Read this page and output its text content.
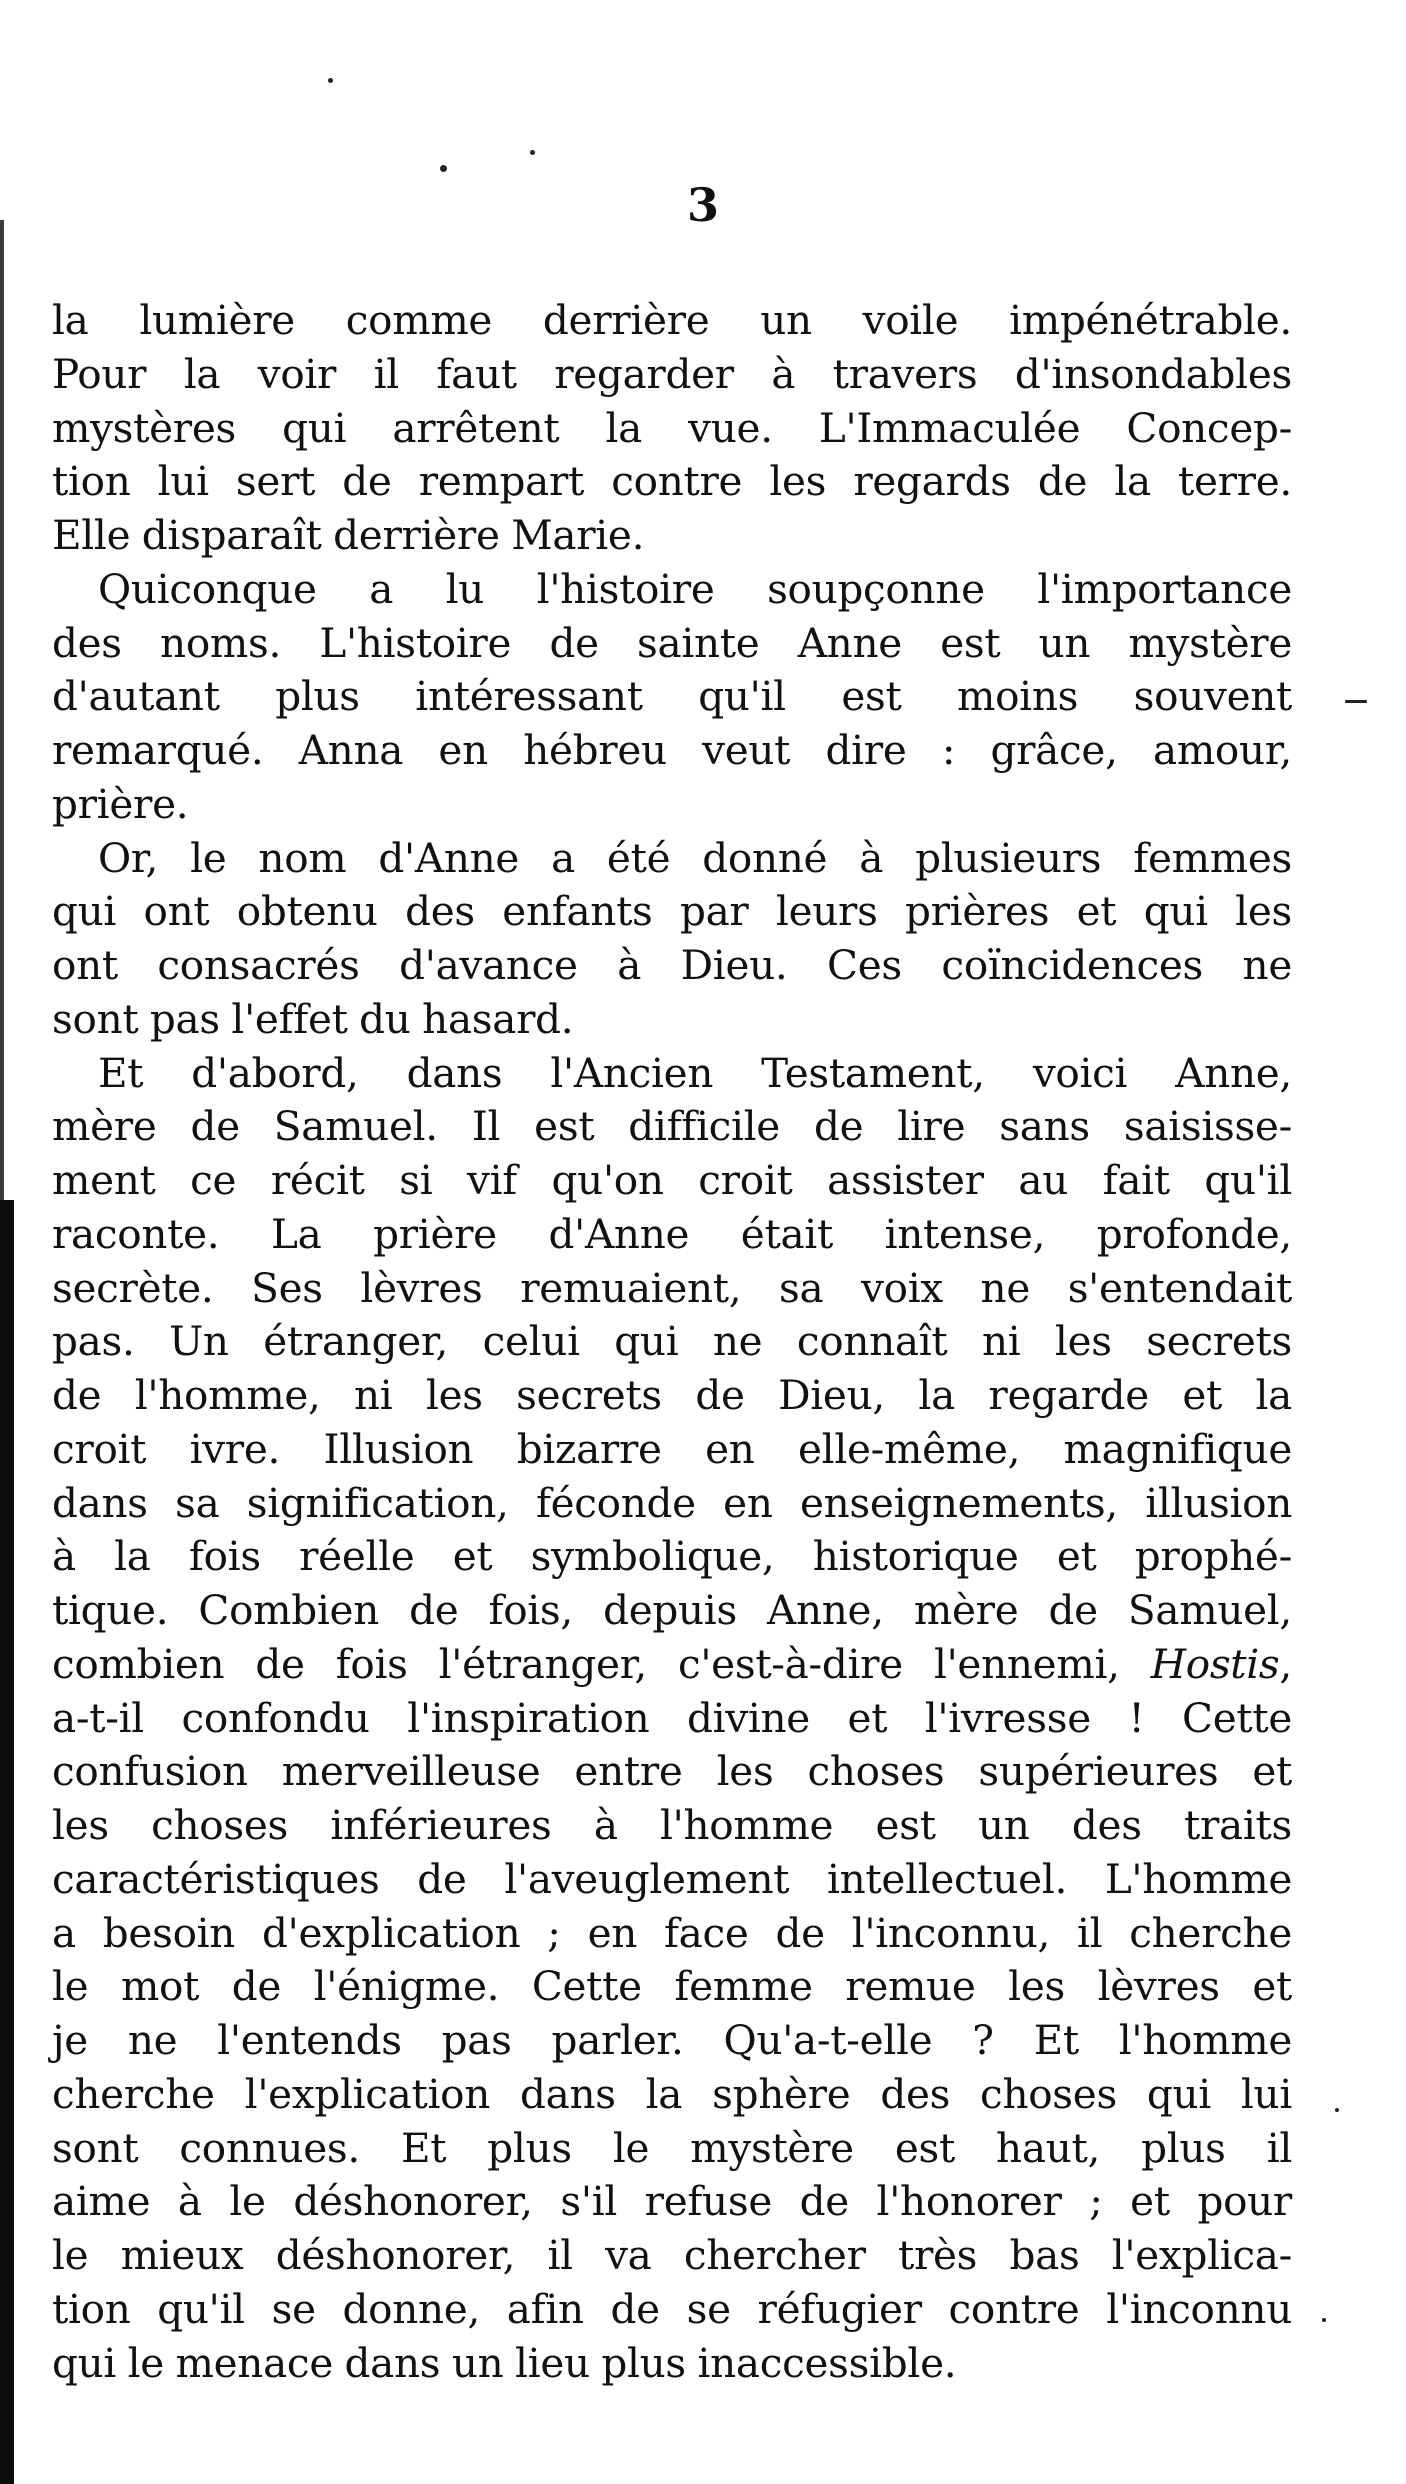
3
la lumière comme derrière un voile impénétrable.
Pour la voir il faut regarder à travers d'insondables
mystères qui arrêtent la vue. L'Immaculée Concep-
tion lui sert de rempart contre les regards de la terre.
Elle disparaît derrière Marie.
Quiconque a lu l'histoire soupçonne l'importance
des noms. L'histoire de sainte Anne est un mystère
d'autant plus intéressant qu'il est moins souvent
remarqué. Anna en hébreu veut dire : grâce, amour,
prière.
Or, le nom d'Anne a été donné à plusieurs femmes
qui ont obtenu des enfants par leurs prières et qui les
ont consacrés d'avance à Dieu. Ces coïncidences ne
sont pas l'effet du hasard.
Et d'abord, dans l'Ancien Testament, voici Anne,
mère de Samuel. Il est difficile de lire sans saisisse-
ment ce récit si vif qu'on croit assister au fait qu'il
raconte. La prière d'Anne était intense, profonde,
secrète. Ses lèvres remuaient, sa voix ne s'entendait
pas. Un étranger, celui qui ne connaît ni les secrets
de l'homme, ni les secrets de Dieu, la regarde et la
croit ivre. Illusion bizarre en elle-même, magnifique
dans sa signification, féconde en enseignements, illusion
à la fois réelle et symbolique, historique et prophé-
tique. Combien de fois, depuis Anne, mère de Samuel,
combien de fois l'étranger, c'est-à-dire l'ennemi, Hostis,
a-t-il confondu l'inspiration divine et l'ivresse ! Cette
confusion merveilleuse entre les choses supérieures et
les choses inférieures à l'homme est un des traits
caractéristiques de l'aveuglement intellectuel. L'homme
a besoin d'explication ; en face de l'inconnu, il cherche
le mot de l'énigme. Cette femme remue les lèvres et
je ne l'entends pas parler. Qu'a-t-elle ? Et l'homme
cherche l'explication dans la sphère des choses qui lui
sont connues. Et plus le mystère est haut, plus il
aime à le déshonorer, s'il refuse de l'honorer ; et pour
le mieux déshonorer, il va chercher très bas l'explica-
tion qu'il se donne, afin de se réfugier contre l'inconnu
qui le menace dans un lieu plus inaccessible.
